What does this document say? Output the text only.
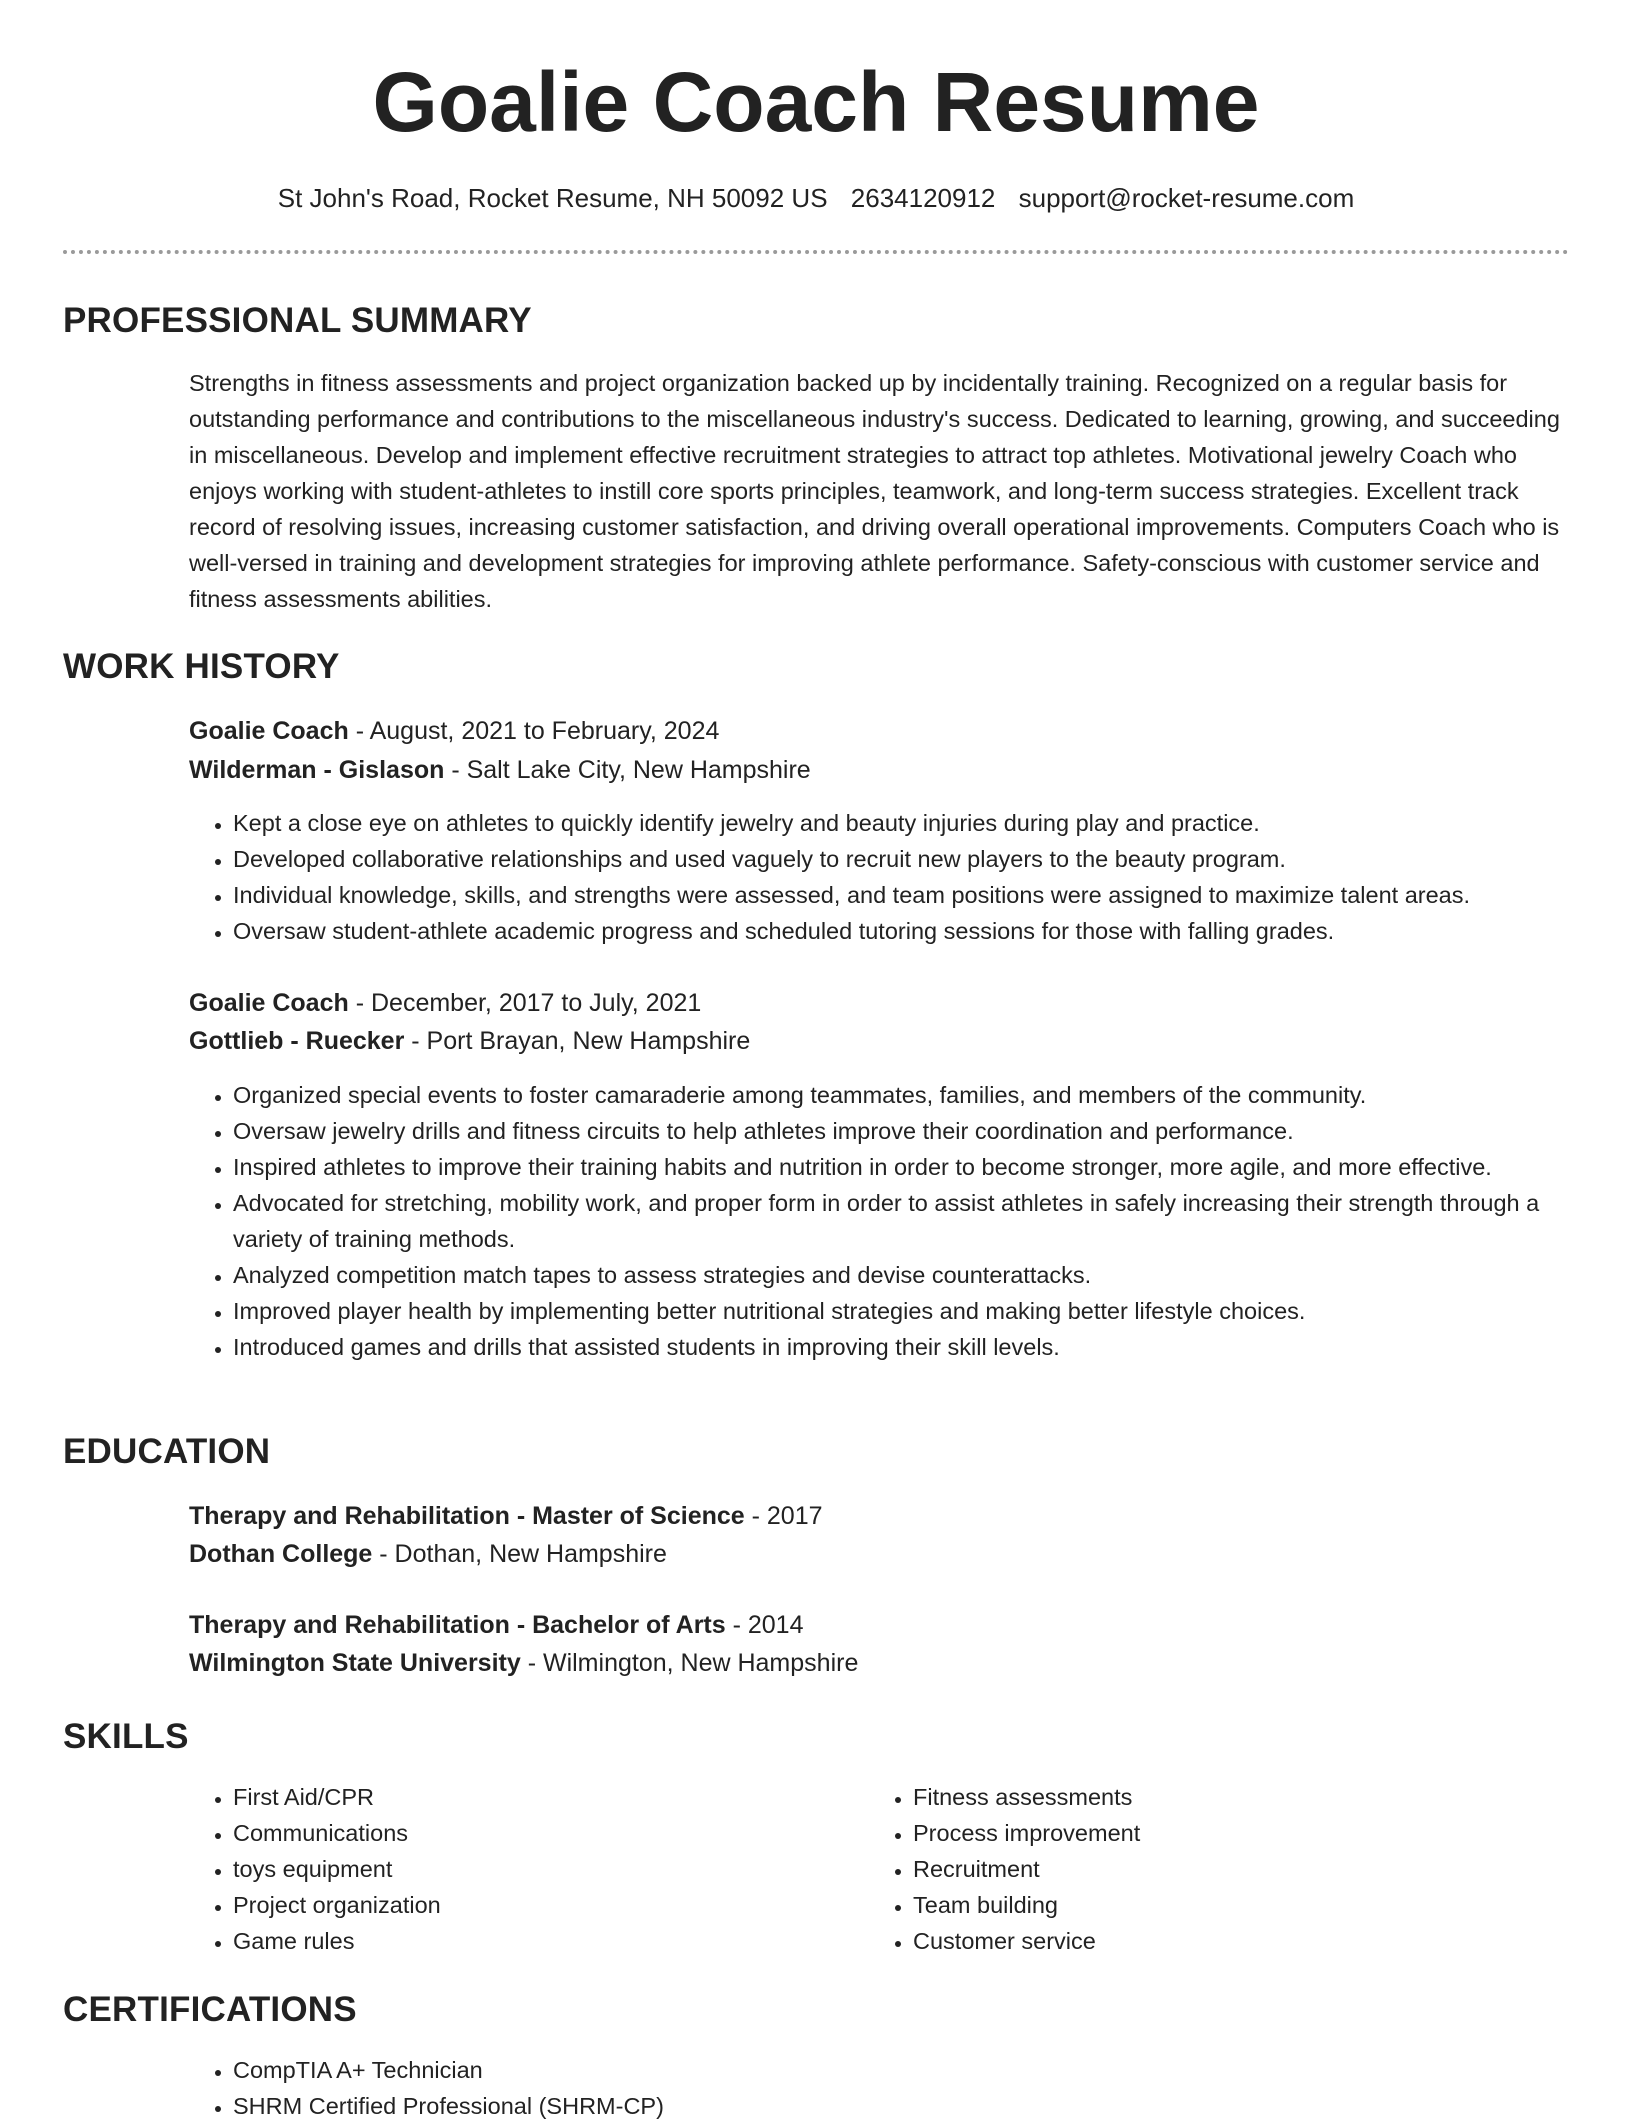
Goalie Coach Resume
St John's Road, Rocket Resume, NH 50092 US 2634120912 support@rocket-resume.com
PROFESSIONAL SUMMARY

Strengths in fitness assessments and project organization backed up by incidentally training. Recognized on a regular basis for outstanding performance and contributions to the miscellaneous industry's success. Dedicated to learning, growing, and succeeding in miscellaneous. Develop and implement effective recruitment strategies to attract top athletes. Motivational jewelry Coach who enjoys working with student-athletes to instill core sports principles, teamwork, and long-term success strategies. Excellent track record of resolving issues, increasing customer satisfaction, and driving overall operational improvements. Computers Coach who is well-versed in training and development strategies for improving athlete performance. Safety-conscious with customer service and fitness assessments abilities.

WORK HISTORY
Goalie Coach - August, 2021 to February, 2024
Wilderman - Gislason - Salt Lake City, New Hampshire
• Kept a close eye on athletes to quickly identify jewelry and beauty injuries during play and practice.
• Developed collaborative relationships and used vaguely to recruit new players to the beauty program.
• Individual knowledge, skills, and strengths were assessed, and team positions were assigned to maximize talent areas.
• Oversaw student-athlete academic progress and scheduled tutoring sessions for those with falling grades.
Goalie Coach - December, 2017 to July, 2021
Gottlieb - Ruecker - Port Brayan, New Hampshire
• Organized special events to foster camaraderie among teammates, families, and members of the community.
• Oversaw jewelry drills and fitness circuits to help athletes improve their coordination and performance.
• Inspired athletes to improve their training habits and nutrition in order to become stronger, more agile, and more effective.
• Advocated for stretching, mobility work, and proper form in order to assist athletes in safely increasing their strength through a variety of training methods.
• Analyzed competition match tapes to assess strategies and devise counterattacks.
• Improved player health by implementing better nutritional strategies and making better lifestyle choices.
• Introduced games and drills that assisted students in improving their skill levels.
EDUCATION
Therapy and Rehabilitation - Master of Science - 2017
Dothan College - Dothan, New Hampshire
Therapy and Rehabilitation - Bachelor of Arts - 2014
Wilmington State University - Wilmington, New Hampshire
SKILLS
• First Aid/CPR
• Communications
• toys equipment
• Project organization
• Game rules
• Fitness assessments
• Process improvement
• Recruitment
• Team building
• Customer service
CERTIFICATIONS
• CompTIA A+ Technician
• SHRM Certified Professional (SHRM-CP)
